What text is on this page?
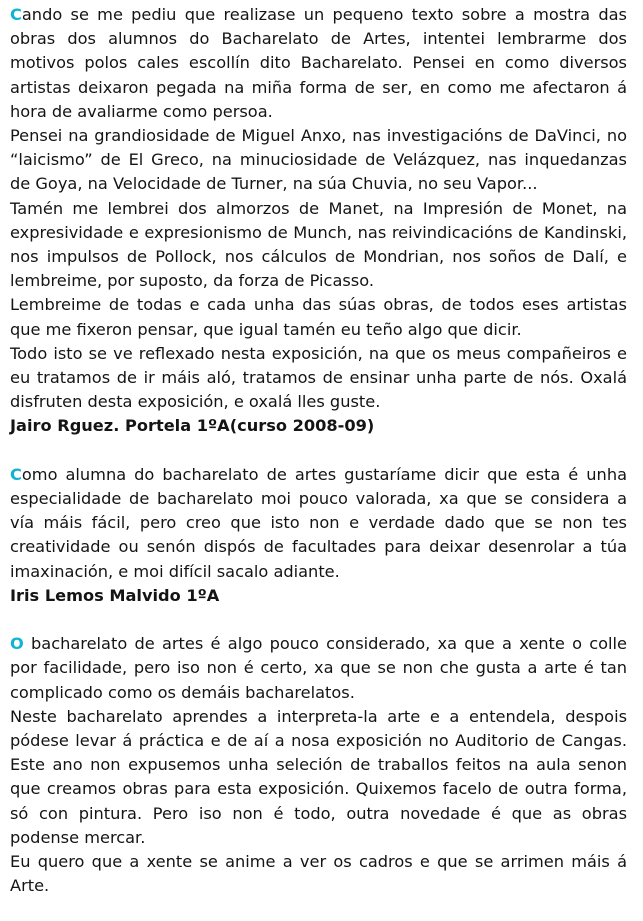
Cando se me pediu que realizase un pequeno texto sobre a mostra das obras dos alumnos do Bacharelato de Artes, intentei lembrarme dos motivos polos cales escollín dito Bacharelato. Pensei en como diversos artistas deixaron pegada na miña forma de ser, en como me afectaron á hora de avaliarme como persoa.

Pensei na grandiosidade de Miguel Anxo, nas investigacións de DaVinci, no “laicismo” de El Greco, na minuciosidade de Velázquez, nas inquedanzas de Goya, na Velocidade de Turner, na súa Chuvia, no seu Vapor...

Tamén me lembrei dos almorzos de Manet, na Impresión de Monet, na expresividade e expresionismo de Munch, nas reivindicacións de Kandinski, nos impulsos de Pollock, nos cálculos de Mondrian, nos soños de Dalí, e lembreime, por suposto, da forza de Picasso.

Lembreime de todas e cada unha das súas obras, de todos eses artistas que me fixeron pensar, que igual tamén eu teño algo que dicir.

Todo isto se ve reflexado nesta exposición, na que os meus compañeiros e eu tratamos de ir máis aló, tratamos de ensinar unha parte de nós. Oxalá disfruten desta exposición, e oxalá lles guste.

Jairo Rguez. Portela 1ºA(curso 2008-09)

Como alumna do bacharelato de artes gustaríame dicir que esta é unha especialidade de bacharelato moi pouco valorada, xa que se considera a vía máis fácil, pero creo que isto non e verdade dado que se non tes creatividade ou senón dispós de facultades para deixar desenrolar a túa imaxinación, e moi difícil sacalo adiante.

Iris Lemos Malvido 1ºA

O bacharelato de artes é algo pouco considerado, xa que a xente o colle por facilidade, pero iso non é certo, xa que se non che gusta a arte é tan complicado como os demáis bacharelatos.

Neste bacharelato aprendes a interpreta-la arte e a entendela, despois pódese levar á práctica e de aí a nosa exposición no Auditorio de Cangas. Este ano non expusemos unha seleción de traballos feitos na aula senon que creamos obras para esta exposición. Quixemos facelo de outra forma, só con pintura. Pero iso non é todo, outra novedade é que as obras podense mercar.

Eu quero que a xente se anime a ver os cadros e que se arrimen máis á Arte.
